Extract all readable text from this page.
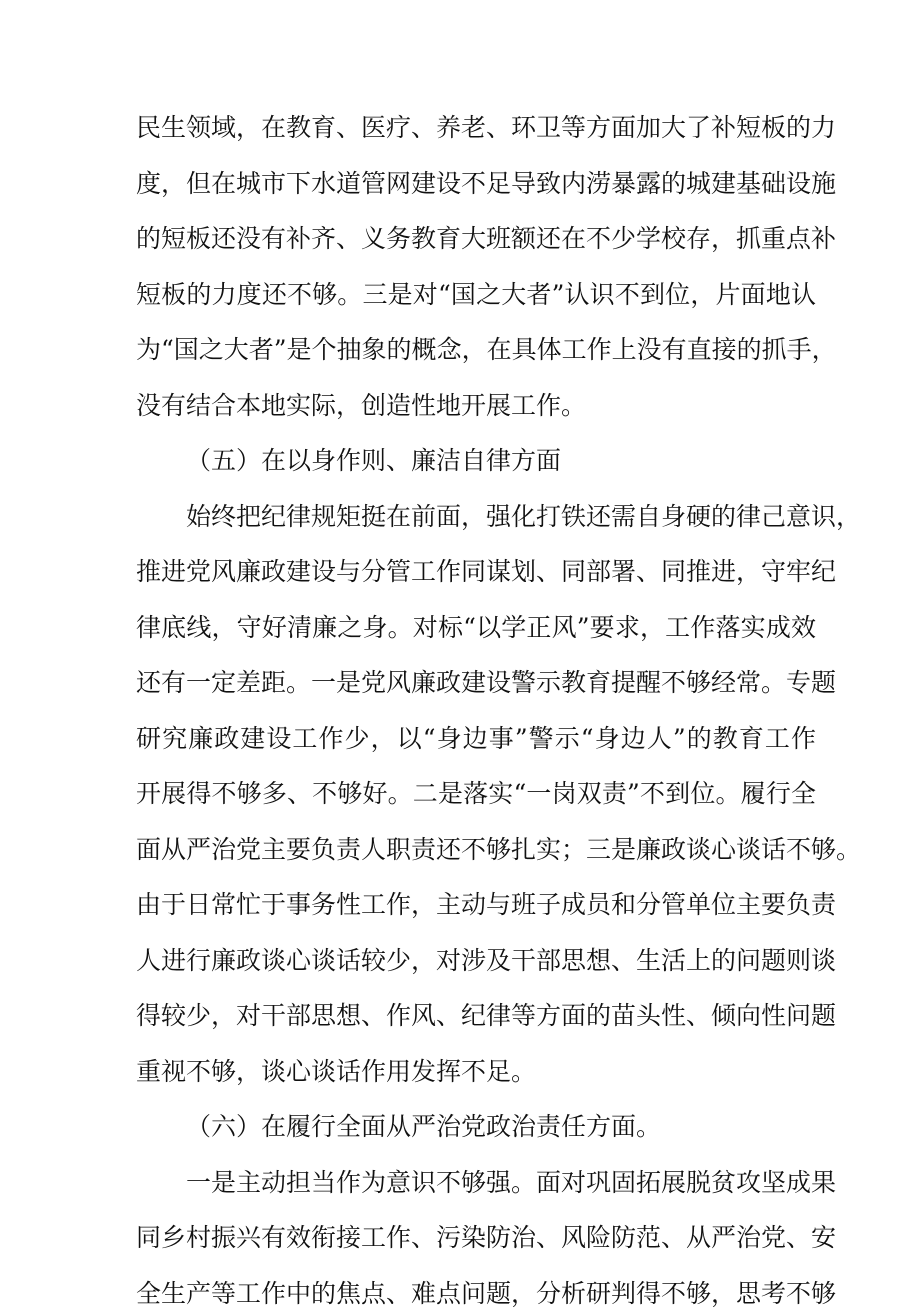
民生领域，在教育、医疗、养老、环卫等方面加大了补短板的力
度，但在城市下水道管网建设不足导致内涝暴露的城建基础设施
的短板还没有补齐、义务教育大班额还在不少学校存，抓重点补
短板的力度还不够。三是对“国之大者”认识不到位，片面地认
为“国之大者”是个抽象的概念，在具体工作上没有直接的抓手，
没有结合本地实际，创造性地开展工作。
（五）在以身作则、廉洁自律方面
始终把纪律规矩挺在前面，强化打铁还需自身硬的律己意识，
推进党风廉政建设与分管工作同谋划、同部署、同推进，守牢纪
律底线，守好清廉之身。对标“以学正风”要求，工作落实成效
还有一定差距。一是党风廉政建设警示教育提醒不够经常。专题
研究廉政建设工作少，以“身边事”警示“身边人”的教育工作
开展得不够多、不够好。二是落实“一岗双责”不到位。履行全
面从严治党主要负责人职责还不够扎实；三是廉政谈心谈话不够。
由于日常忙于事务性工作，主动与班子成员和分管单位主要负责
人进行廉政谈心谈话较少，对涉及干部思想、生活上的问题则谈
得较少，对干部思想、作风、纪律等方面的苗头性、倾向性问题
重视不够，谈心谈话作用发挥不足。
（六）在履行全面从严治党政治责任方面。
一是主动担当作为意识不够强。面对巩固拓展脱贫攻坚成果
同乡村振兴有效衔接工作、污染防治、风险防范、从严治党、安
全生产等工作中的焦点、难点问题，分析研判得不够，思考不够
